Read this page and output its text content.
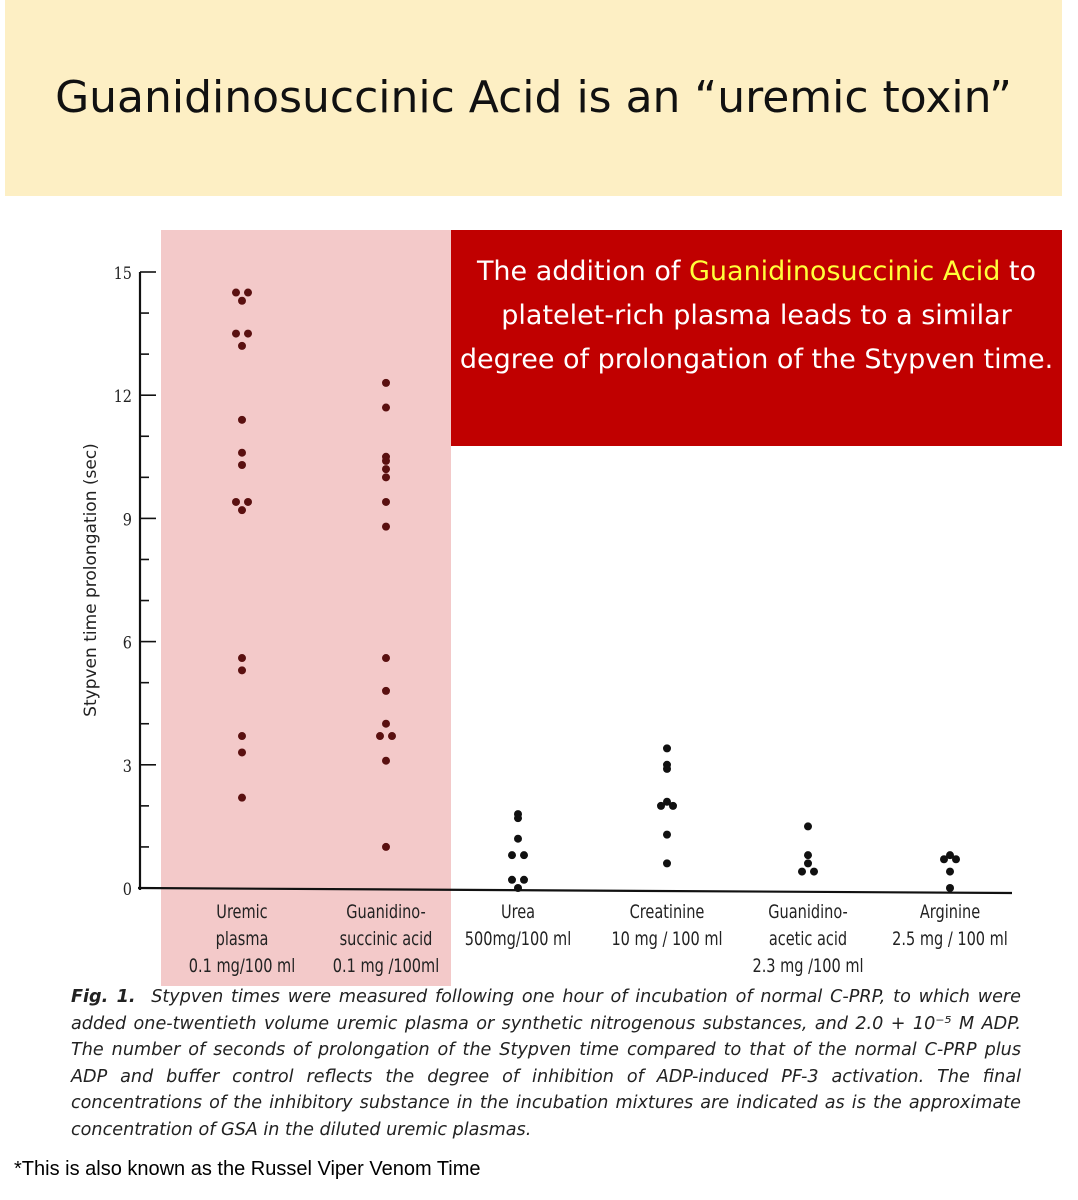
Guanidinosuccinic Acid is an “uremic toxin”
0
3
6
9
12
15
Stypven time prolongation (sec)
Uremic
plasma
0.1 mg/100 ml
Guanidino-
succinic acid
0.1 mg /100ml
Urea
500mg/100 ml
Creatinine
10 mg / 100 ml
Guanidino-
acetic acid
2.3 mg /100 ml
Arginine
2.5 mg / 100 ml
The addition of Guanidinosuccinic Acid to platelet-rich plasma leads to a similar degree of prolongation of the Stypven time.
Fig. 1. Stypven times were measured following one hour of incubation of normal C-PRP, to which were added one-twentieth volume uremic plasma or synthetic nitrogenous substances, and 2.0 + 10⁻⁵ M ADP. The number of seconds of prolongation of the Stypven time compared to that of the normal C-PRP plus ADP and buffer control reflects the degree of inhibition of ADP-induced PF-3 activation. The final concentrations of the inhibitory substance in the incubation mixtures are indicated as is the approximate concentration of GSA in the diluted uremic plasmas.
*This is also known as the Russel Viper Venom Time
